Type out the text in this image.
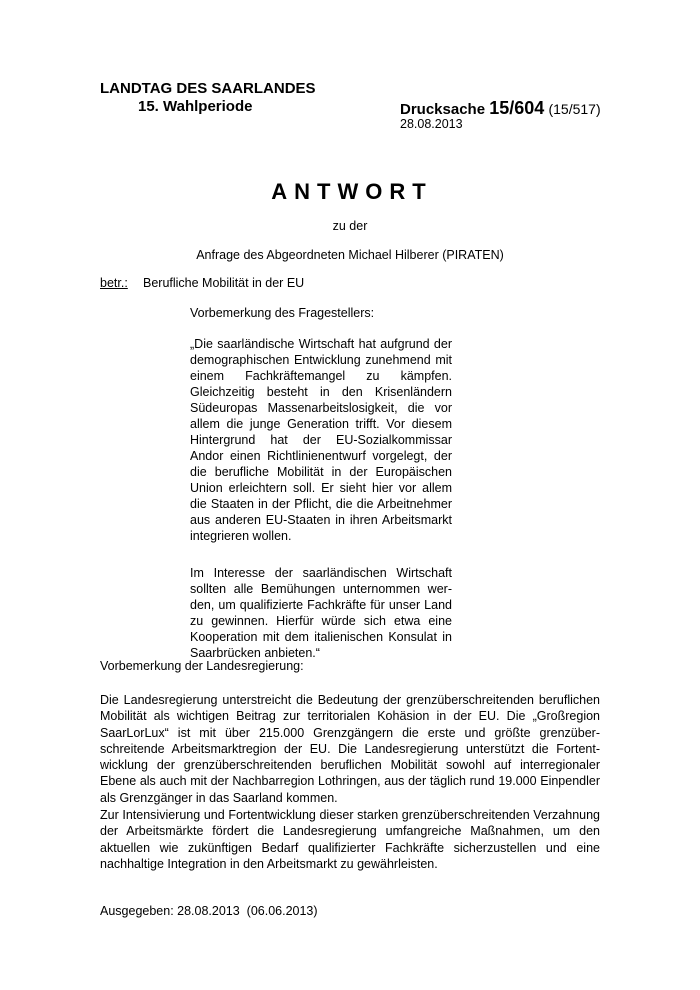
LANDTAG DES SAARLANDES
15. Wahlperiode	Drucksache 15/604 (15/517)
28.08.2013
ANTWORT
zu der
Anfrage des Abgeordneten Michael Hilberer (PIRATEN)
betr.: Berufliche Mobilität in der EU
Vorbemerkung des Fragestellers:
„Die saarländische Wirtschaft hat aufgrund der demographischen Entwicklung zunehmend mit einem Fachkräftemangel zu kämpfen. Gleichzeitig besteht in den Krisenländern Südeuropas Massenarbeitslosigkeit, die vor allem die junge Generation trifft. Vor diesem Hintergrund hat der EU-Sozialkommissar Andor einen Richtlinienentwurf vorgelegt, der die berufliche Mobilität in der Europäischen Union erleichtern soll. Er sieht hier vor allem die Staaten in der Pflicht, die die Arbeitnehmer aus anderen EU-Staaten in ihren Arbeitsmarkt integrieren wollen.
Im Interesse der saarländischen Wirtschaft sollten alle Bemühungen unternommen werden, um qualifizierte Fachkräfte für unser Land zu gewinnen. Hierfür würde sich etwa eine Kooperation mit dem italienischen Konsulat in Saarbrücken anbieten.“
Vorbemerkung der Landesregierung:
Die Landesregierung unterstreicht die Bedeutung der grenzüberschreitenden beruflichen Mobilität als wichtigen Beitrag zur territorialen Kohäsion in der EU. Die „Großregion SaarLorLux“ ist mit über 215.000 Grenzgängern die erste und größte grenzüberschreitende Arbeitsmarktregion der EU. Die Landesregierung unterstützt die Fortentwicklung der grenzüberschreitenden beruflichen Mobilität sowohl auf interregionaler Ebene als auch mit der Nachbarregion Lothringen, aus der täglich rund 19.000 Einpendler als Grenzgänger in das Saarland kommen.
Zur Intensivierung und Fortentwicklung dieser starken grenzüberschreitenden Verzahnung der Arbeitsmärkte fördert die Landesregierung umfangreiche Maßnahmen, um den aktuellen wie zukünftigen Bedarf qualifizierter Fachkräfte sicherzustellen und eine nachhaltige Integration in den Arbeitsmarkt zu gewährleisten.
Ausgegeben: 28.08.2013  (06.06.2013)
